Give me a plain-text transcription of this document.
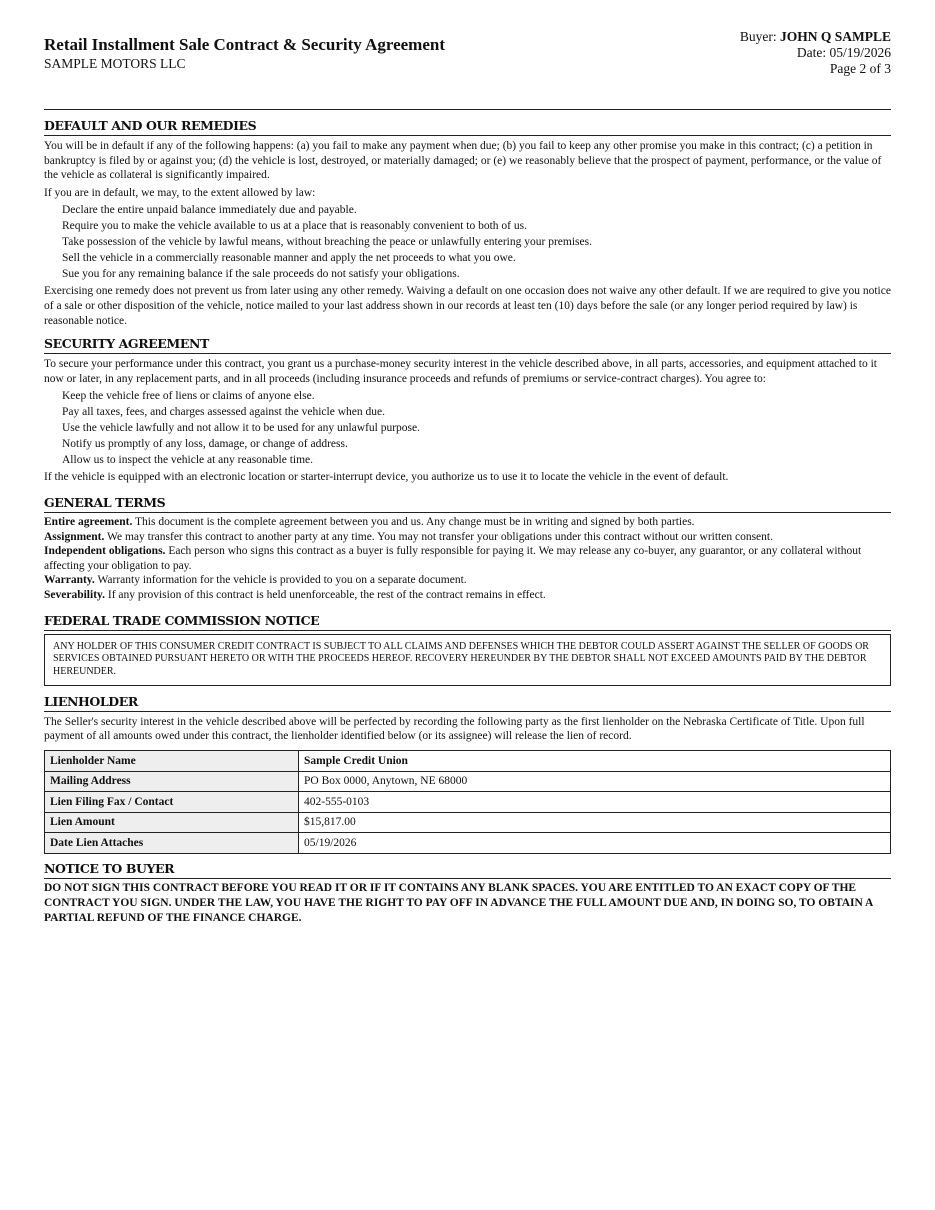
Retail Installment Sale Contract & Security Agreement
SAMPLE MOTORS LLC
Buyer: JOHN Q SAMPLE
Date: 05/19/2026
Page 2 of 3
DEFAULT AND OUR REMEDIES

You will be in default if any of the following happens: (a) you fail to make any payment when due; (b) you fail to keep any other promise you make in this contract; (c) a petition in bankruptcy is filed by or against you; (d) the vehicle is lost, destroyed, or materially damaged; or (e) we reasonably believe that the prospect of payment, performance, or the value of the vehicle as collateral is significantly impaired.

If you are in default, we may, to the extent allowed by law:

Declare the entire unpaid balance immediately due and payable.
Require you to make the vehicle available to us at a place that is reasonably convenient to both of us.
Take possession of the vehicle by lawful means, without breaching the peace or unlawfully entering your premises.
Sell the vehicle in a commercially reasonable manner and apply the net proceeds to what you owe.
Sue you for any remaining balance if the sale proceeds do not satisfy your obligations.

Exercising one remedy does not prevent us from later using any other remedy. Waiving a default on one occasion does not waive any other default. If we are required to give you notice of a sale or other disposition of the vehicle, notice mailed to your last address shown in our records at least ten (10) days before the sale (or any longer period required by law) is reasonable notice.

SECURITY AGREEMENT

To secure your performance under this contract, you grant us a purchase-money security interest in the vehicle described above, in all parts, accessories, and equipment attached to it now or later, in any replacement parts, and in all proceeds (including insurance proceeds and refunds of premiums or service-contract charges). You agree to:

Keep the vehicle free of liens or claims of anyone else.
Pay all taxes, fees, and charges assessed against the vehicle when due.
Use the vehicle lawfully and not allow it to be used for any unlawful purpose.
Notify us promptly of any loss, damage, or change of address.
Allow us to inspect the vehicle at any reasonable time.

If the vehicle is equipped with an electronic location or starter-interrupt device, you authorize us to use it to locate the vehicle in the event of default.

GENERAL TERMS

Entire agreement. This document is the complete agreement between you and us. Any change must be in writing and signed by both parties.

Assignment. We may transfer this contract to another party at any time. You may not transfer your obligations under this contract without our written consent.

Independent obligations. Each person who signs this contract as a buyer is fully responsible for paying it. We may release any co-buyer, any guarantor, or any collateral without affecting your obligation to pay.

Warranty. Warranty information for the vehicle is provided to you on a separate document.

Severability. If any provision of this contract is held unenforceable, the rest of the contract remains in effect.

FEDERAL TRADE COMMISSION NOTICE
ANY HOLDER OF THIS CONSUMER CREDIT CONTRACT IS SUBJECT TO ALL CLAIMS AND DEFENSES WHICH THE DEBTOR COULD ASSERT AGAINST THE SELLER OF GOODS OR SERVICES OBTAINED PURSUANT HERETO OR WITH THE PROCEEDS HEREOF. RECOVERY HEREUNDER BY THE DEBTOR SHALL NOT EXCEED AMOUNTS PAID BY THE DEBTOR HEREUNDER.
LIENHOLDER

The Seller's security interest in the vehicle described above will be perfected by recording the following party as the first lienholder on the Nebraska Certificate of Title. Upon full payment of all amounts owed under this contract, the lienholder identified below (or its assignee) will release the lien of record.

Lienholder Name	Sample Credit Union
Mailing Address	PO Box 0000, Anytown, NE 68000
Lien Filing Fax / Contact	402-555-0103
Lien Amount	$15,817.00
Date Lien Attaches	05/19/2026
NOTICE TO BUYER

DO NOT SIGN THIS CONTRACT BEFORE YOU READ IT OR IF IT CONTAINS ANY BLANK SPACES. YOU ARE ENTITLED TO AN EXACT COPY OF THE CONTRACT YOU SIGN. UNDER THE LAW, YOU HAVE THE RIGHT TO PAY OFF IN ADVANCE THE FULL AMOUNT DUE AND, IN DOING SO, TO OBTAIN A PARTIAL REFUND OF THE FINANCE CHARGE.
